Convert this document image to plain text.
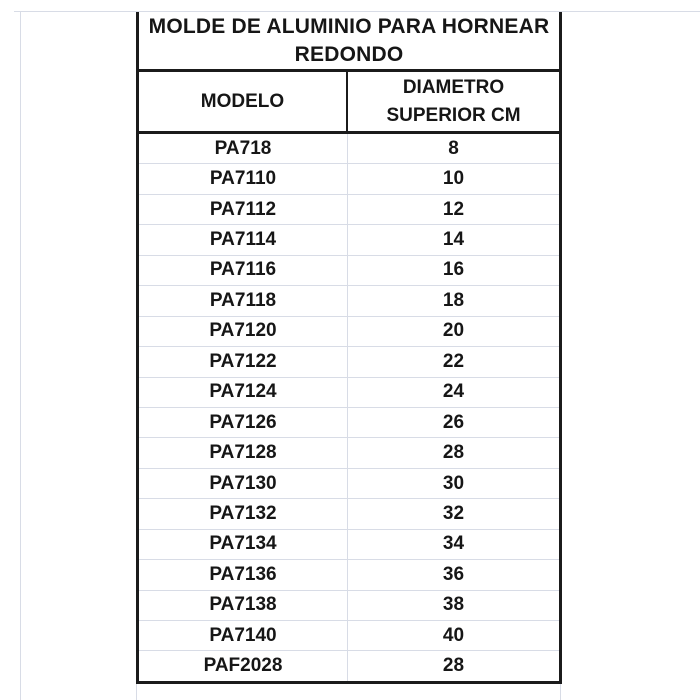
MOLDE DE ALUMINIO PARA HORNEAR
REDONDO
MODELO
DIAMETRO
SUPERIOR CM
PA718	8
PA7110	10
PA7112	12
PA7114	14
PA7116	16
PA7118	18
PA7120	20
PA7122	22
PA7124	24
PA7126	26
PA7128	28
PA7130	30
PA7132	32
PA7134	34
PA7136	36
PA7138	38
PA7140	40
PAF2028	28
